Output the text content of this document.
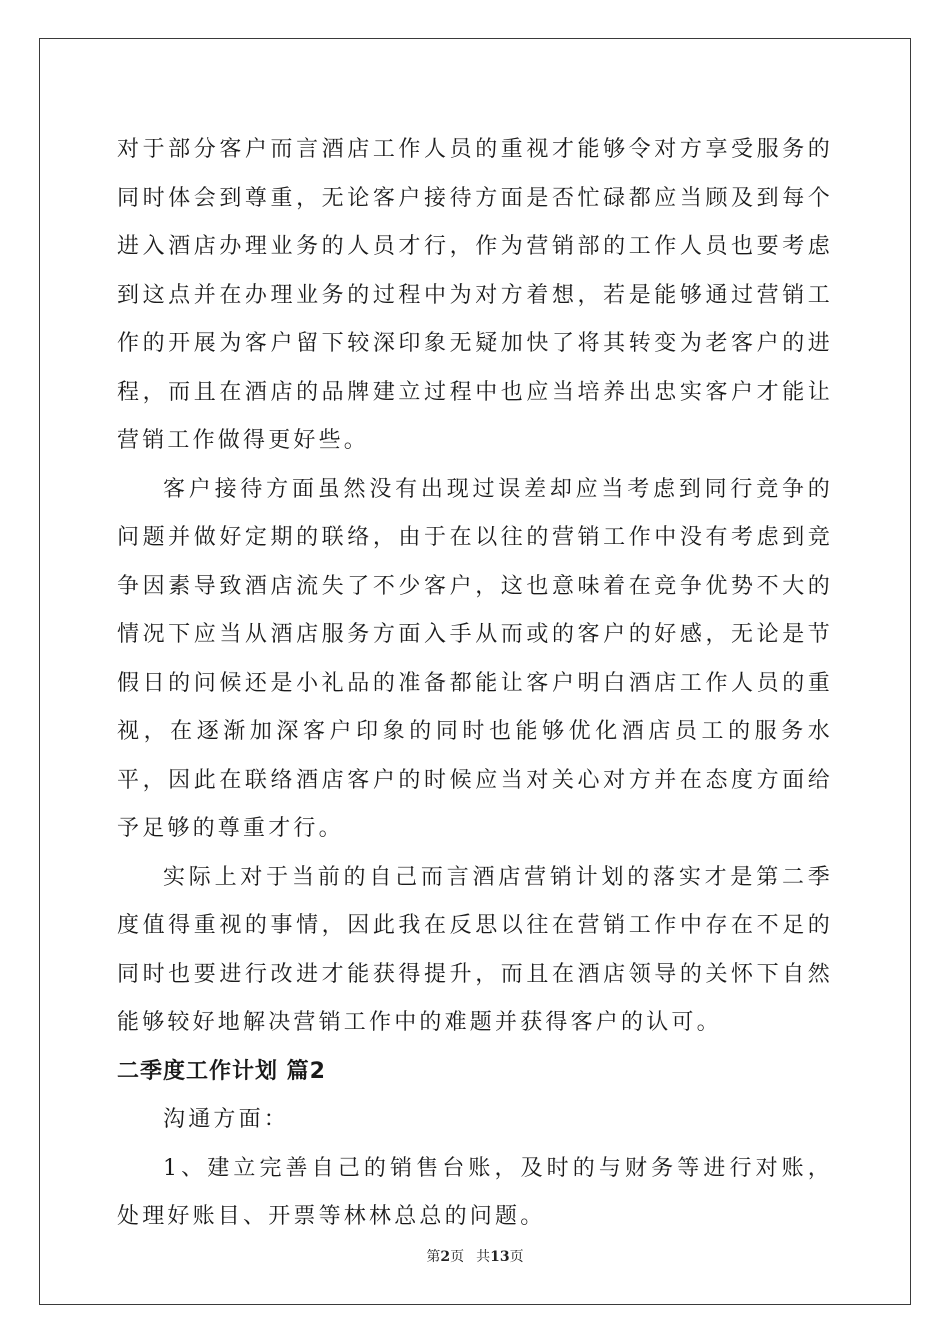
对于部分客户而言酒店工作人员的重视才能够令对方享受服务的同时体会到尊重，无论客户接待方面是否忙碌都应当顾及到每个进入酒店办理业务的人员才行，作为营销部的工作人员也要考虑到这点并在办理业务的过程中为对方着想，若是能够通过营销工作的开展为客户留下较深印象无疑加快了将其转变为老客户的进程，而且在酒店的品牌建立过程中也应当培养出忠实客户才能让营销工作做得更好些。

客户接待方面虽然没有出现过误差却应当考虑到同行竞争的问题并做好定期的联络，由于在以往的营销工作中没有考虑到竞争因素导致酒店流失了不少客户，这也意味着在竞争优势不大的情况下应当从酒店服务方面入手从而或的客户的好感，无论是节假日的问候还是小礼品的准备都能让客户明白酒店工作人员的重视，在逐渐加深客户印象的同时也能够优化酒店员工的服务水平，因此在联络酒店客户的时候应当对关心对方并在态度方面给予足够的尊重才行。

实际上对于当前的自己而言酒店营销计划的落实才是第二季度值得重视的事情，因此我在反思以往在营销工作中存在不足的同时也要进行改进才能获得提升，而且在酒店领导的关怀下自然能够较好地解决营销工作中的难题并获得客户的认可。

二季度工作计划 篇2

沟通方面：

1、建立完善自己的销售台账，及时的与财务等进行对账，处理好账目、开票等林林总总的问题。

第2页 共13页
